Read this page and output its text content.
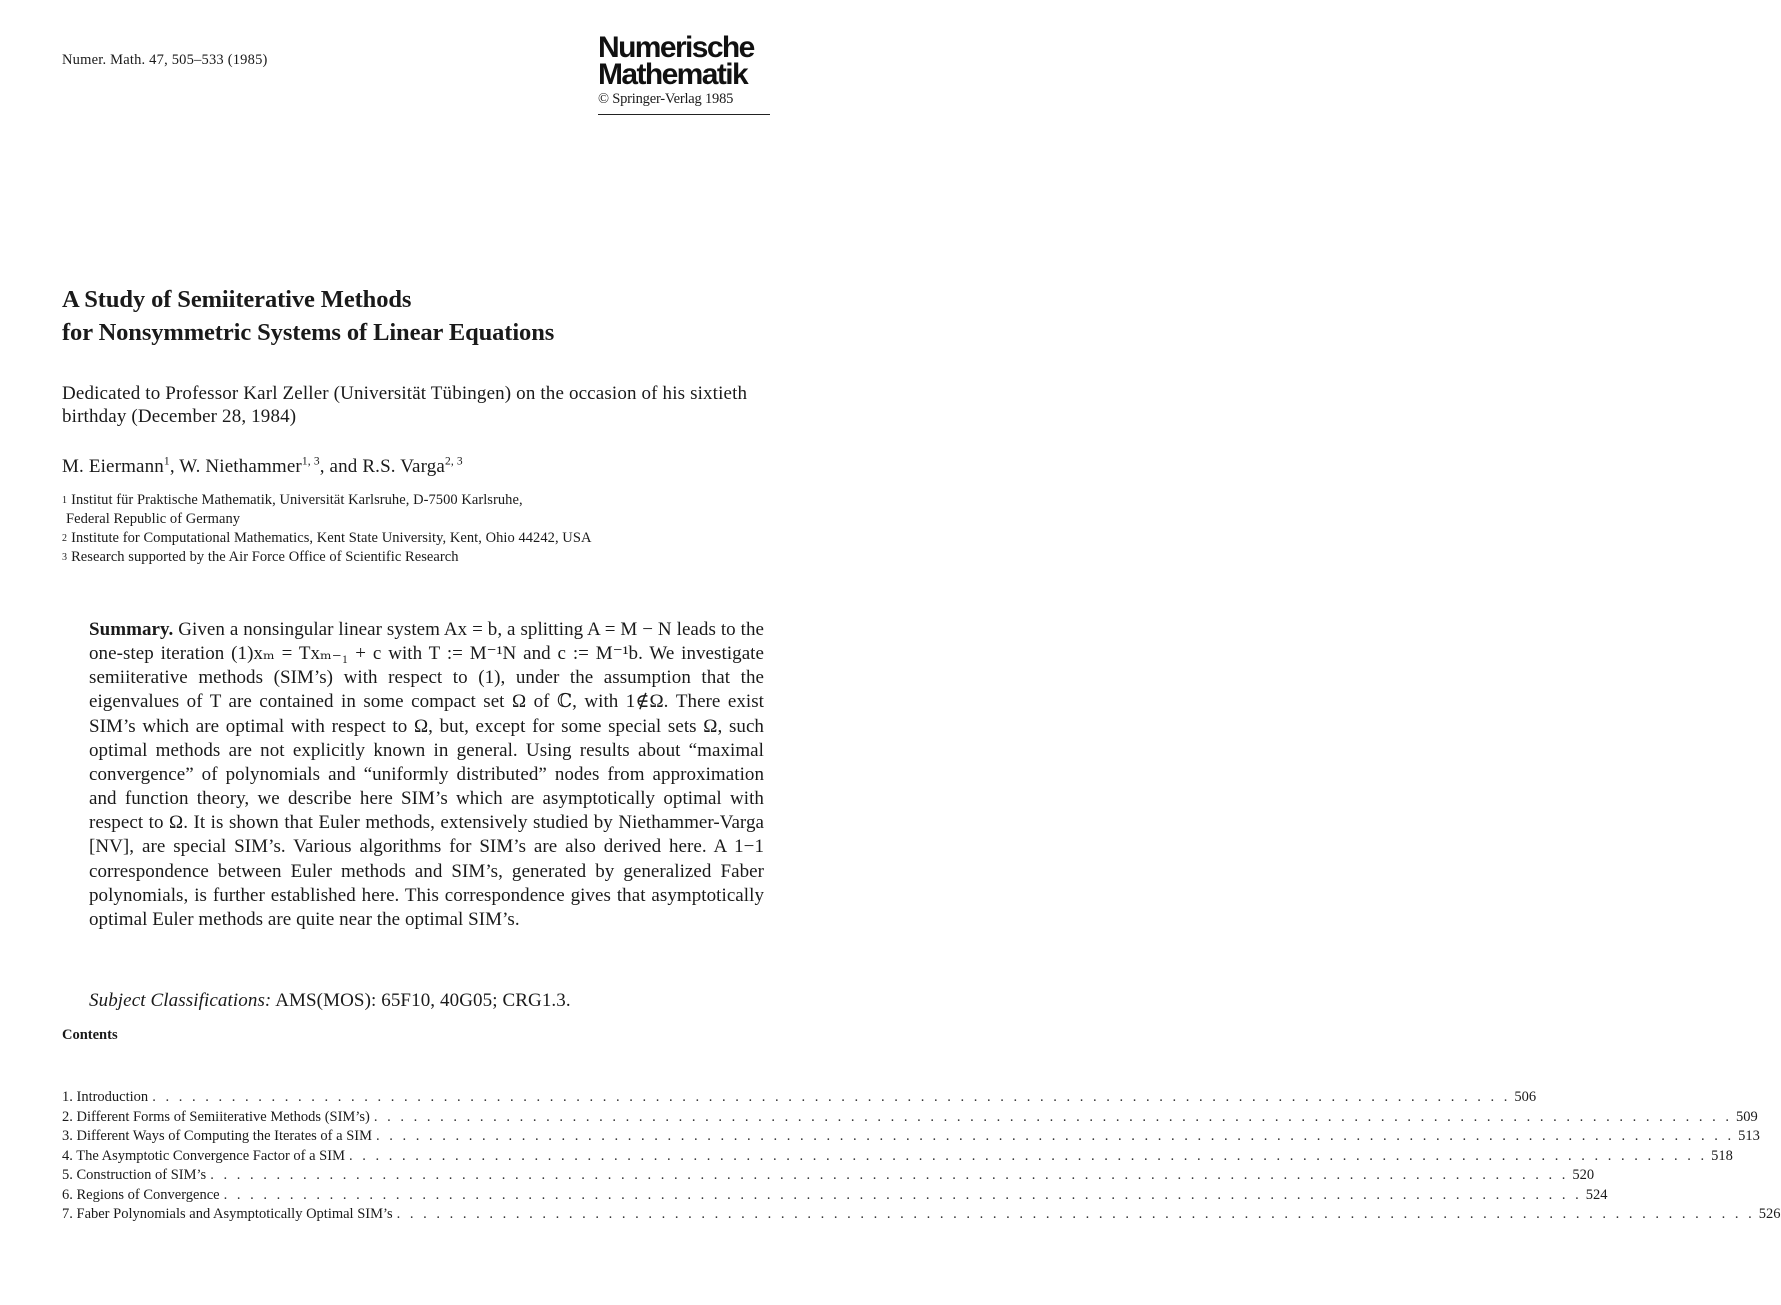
Numer. Math. 47, 505–533 (1985)	Numerische
Mathematik
© Springer-Verlag 1985
A Study of Semiiterative Methods
for Nonsymmetric Systems of Linear Equations
Dedicated to Professor Karl Zeller (Universität Tübingen) on the occasion of his sixtieth birthday (December 28, 1984)
M. Eiermann$^1$, W. Niethammer$^{1, 3}$, and R.S. Varga$^{2, 3}$
$^1$ Institut für Praktische Mathematik, Universität Karlsruhe, D-7500 Karlsruhe,
Federal Republic of Germany
$^2$ Institute for Computational Mathematics, Kent State University, Kent, Ohio 44242, USA
$^3$ Research supported by the Air Force Office of Scientific Research
Summary. Given a nonsingular linear system Ax = b, a splitting A = M − N leads to the one-step iteration (1)xₘ = Txₘ₋₁ + c with T := M⁻¹N and c := M⁻¹b. We investigate semiiterative methods (SIM’s) with respect to (1), under the assumption that the eigenvalues of T are contained in some compact set Ω of ℂ, with 1∉Ω. There exist SIM’s which are optimal with respect to Ω, but, except for some special sets Ω, such optimal methods are not explicitly known in general. Using results about “maximal convergence” of polynomials and “uniformly distributed” nodes from approximation and function theory, we describe here SIM’s which are asymptotically optimal with respect to Ω. It is shown that Euler methods, extensively studied by Niethammer-Varga [NV], are special SIM’s. Various algorithms for SIM’s are also derived here. A 1−1 correspondence between Euler methods and SIM’s, generated by generalized Faber polynomials, is further established here. This correspondence gives that asymptotically optimal Euler methods are quite near the optimal SIM’s.
Subject Classifications: AMS(MOS): 65F10, 40G05; CRG1.3.
Contents
1. Introduction . . . . . . . . . . . . . . . . . . . . . . . . . . . . . . . . . . . . . . . . . . . . . . . . . . . . . . . . . . . . . . . . . . . . . . . . . . . . . . . . . . . . . . . . . . . . . . . . . . . . . . . 506
2. Different Forms of Semiiterative Methods (SIM’s) . . . . . . . . . . . . . . . . . . . . . . . . . . . . . . . . . . . . . . . . . . . . . . . . . . . . . . . . . . . . . . . . . . . . . . . . . . . . . . . . . . . . . . . . . . . . . . . . . . . . . . . 509
3. Different Ways of Computing the Iterates of a SIM . . . . . . . . . . . . . . . . . . . . . . . . . . . . . . . . . . . . . . . . . . . . . . . . . . . . . . . . . . . . . . . . . . . . . . . . . . . . . . . . . . . . . . . . . . . . . . . . . . . . . . . 513
4. The Asymptotic Convergence Factor of a SIM . . . . . . . . . . . . . . . . . . . . . . . . . . . . . . . . . . . . . . . . . . . . . . . . . . . . . . . . . . . . . . . . . . . . . . . . . . . . . . . . . . . . . . . . . . . . . . . . . . . . . . . 518
5. Construction of SIM’s . . . . . . . . . . . . . . . . . . . . . . . . . . . . . . . . . . . . . . . . . . . . . . . . . . . . . . . . . . . . . . . . . . . . . . . . . . . . . . . . . . . . . . . . . . . . . . . . . . . . . . . 520
6. Regions of Convergence . . . . . . . . . . . . . . . . . . . . . . . . . . . . . . . . . . . . . . . . . . . . . . . . . . . . . . . . . . . . . . . . . . . . . . . . . . . . . . . . . . . . . . . . . . . . . . . . . . . . . . . 524
7. Faber Polynomials and Asymptotically Optimal SIM’s . . . . . . . . . . . . . . . . . . . . . . . . . . . . . . . . . . . . . . . . . . . . . . . . . . . . . . . . . . . . . . . . . . . . . . . . . . . . . . . . . . . . . . . . . . . . . . . . . . . . . . . 526
